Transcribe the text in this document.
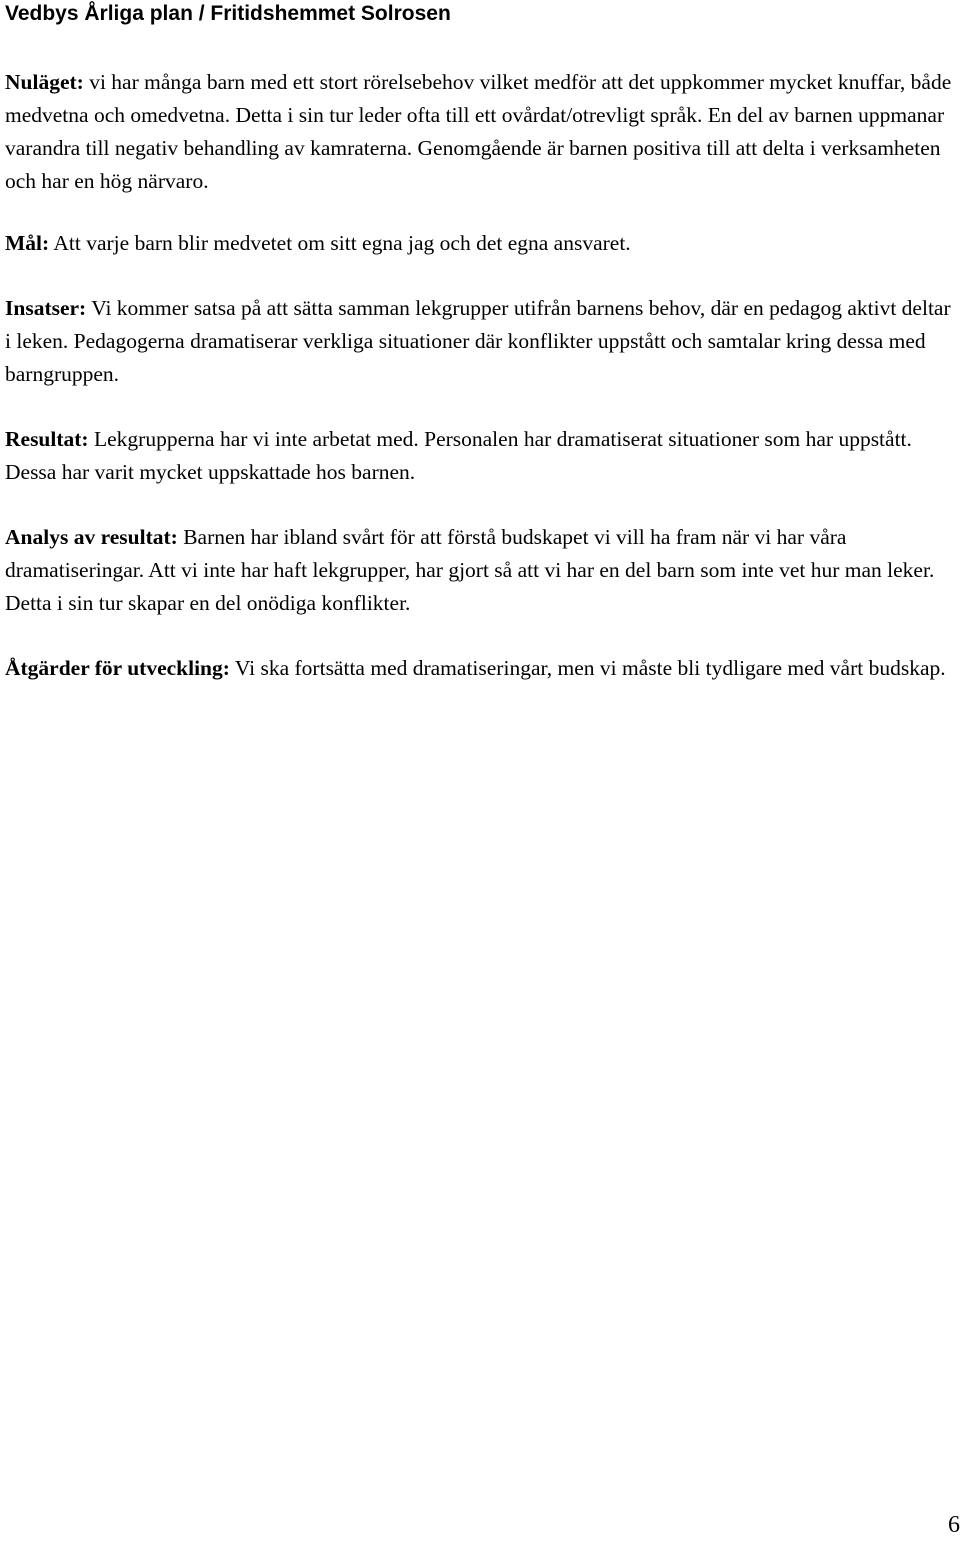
Vedbys Årliga plan / Fritidshemmet Solrosen

Nuläget: vi har många barn med ett stort rörelsebehov vilket medför att det uppkommer mycket knuffar, både medvetna och omedvetna. Detta i sin tur leder ofta till ett ovårdat/otrevligt språk. En del av barnen uppmanar varandra till negativ behandling av kamraterna. Genomgående är barnen positiva till att delta i verksamheten och har en hög närvaro.

Mål: Att varje barn blir medvetet om sitt egna jag och det egna ansvaret.

Insatser: Vi kommer satsa på att sätta samman lekgrupper utifrån barnens behov, där en pedagog aktivt deltar i leken. Pedagogerna dramatiserar verkliga situationer där konflikter uppstått och samtalar kring dessa med barngruppen.

Resultat: Lekgrupperna har vi inte arbetat med. Personalen har dramatiserat situationer som har uppstått. Dessa har varit mycket uppskattade hos barnen.

Analys av resultat: Barnen har ibland svårt för att förstå budskapet vi vill ha fram när vi har våra dramatiseringar. Att vi inte har haft lekgrupper, har gjort så att vi har en del barn som inte vet hur man leker. Detta i sin tur skapar en del onödiga konflikter.

Åtgärder för utveckling: Vi ska fortsätta med dramatiseringar, men vi måste bli tydligare med vårt budskap.

6
